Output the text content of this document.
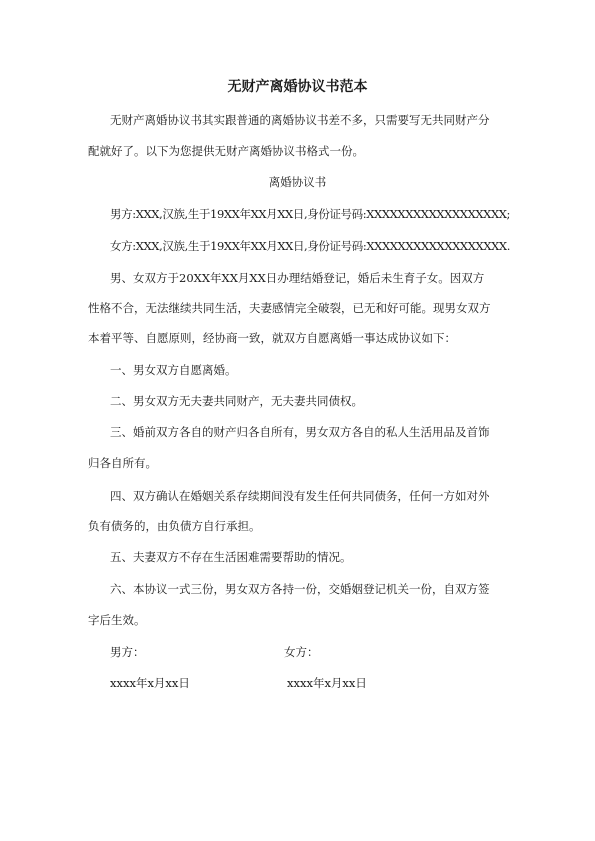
无财产离婚协议书范本
无财产离婚协议书其实跟普通的离婚协议书差不多，只需要写无共同财产分
配就好了。以下为您提供无财产离婚协议书格式一份。
离婚协议书
男方:XXX,汉族,生于19XX年XX月XX日,身份证号码:XXXXXXXXXXXXXXXXXX;
女方:XXX,汉族,生于19XX年XX月XX日,身份证号码:XXXXXXXXXXXXXXXXXX.
男、女双方于20XX年XX月XX日办理结婚登记，婚后未生育子女。因双方
性格不合，无法继续共同生活，夫妻感情完全破裂，已无和好可能。现男女双方
本着平等、自愿原则，经协商一致，就双方自愿离婚一事达成协议如下：
一、男女双方自愿离婚。
二、男女双方无夫妻共同财产，无夫妻共同债权。
三、婚前双方各自的财产归各自所有，男女双方各自的私人生活用品及首饰
归各自所有。
四、双方确认在婚姻关系存续期间没有发生任何共同债务，任何一方如对外
负有债务的，由负债方自行承担。
五、夫妻双方不存在生活困难需要帮助的情况。
六、本协议一式三份，男女双方各持一份，交婚姻登记机关一份，自双方签
字后生效。
男方：	女方：
xxxx年x月xx日	xxxx年x月xx日
